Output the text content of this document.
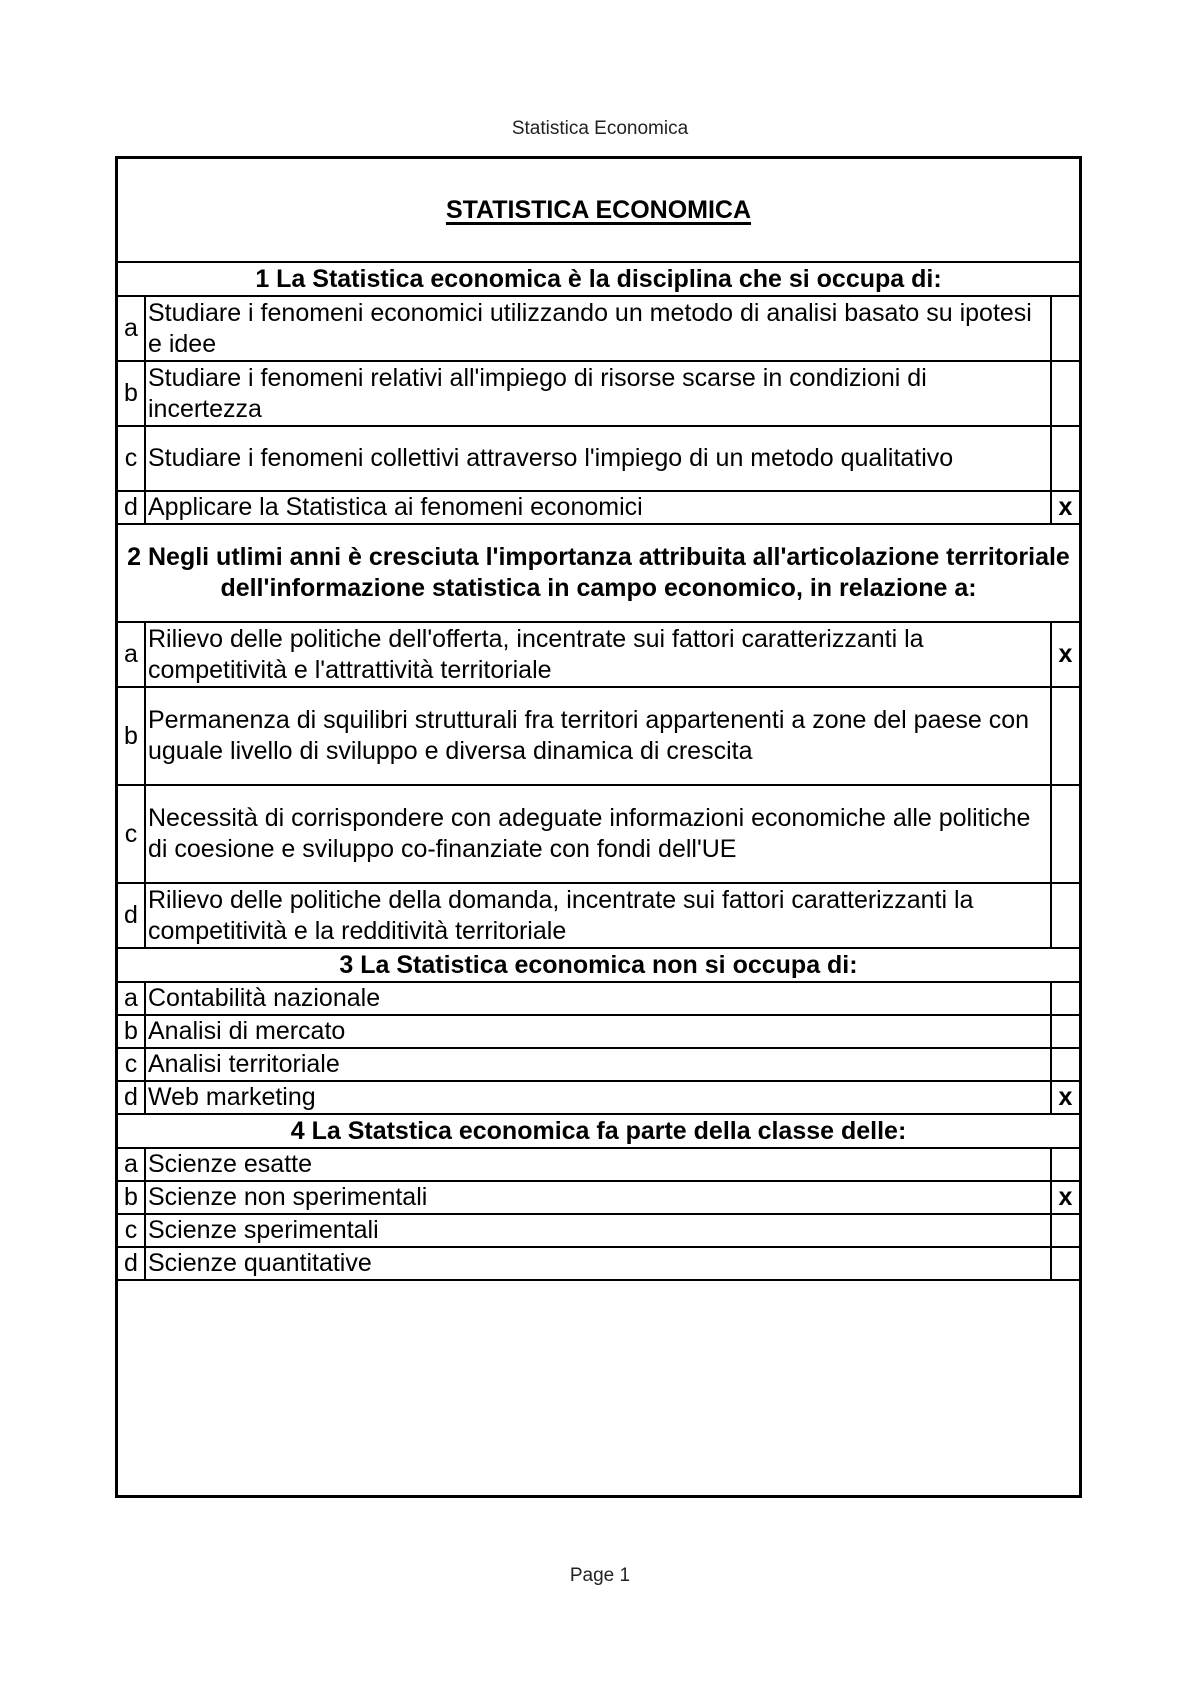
Statistica Economica
STATISTICA ECONOMICA		
1 La Statistica economica è la disciplina che si occupa di:		
a	Studiare i fenomeni economici utilizzando un metodo di analisi basato su ipotesi e idee	
b	Studiare i fenomeni relativi all'impiego di risorse scarse in condizioni di incertezza	
c	Studiare i fenomeni collettivi attraverso l'impiego di un metodo qualitativo	
d	Applicare la Statistica ai fenomeni economici	x
2 Negli utlimi anni è cresciuta l'importanza attribuita all'articolazione territoriale dell'informazione statistica in campo economico, in relazione a:		
a	Rilievo delle politiche dell'offerta, incentrate sui fattori caratterizzanti la competitività e l'attrattività territoriale	x
b	Permanenza di squilibri strutturali fra territori appartenenti a zone del paese con uguale livello di sviluppo e diversa dinamica di crescita	
c	Necessità di corrispondere con adeguate informazioni economiche alle politiche di coesione e sviluppo co-finanziate con fondi dell'UE	
d	Rilievo delle politiche della domanda, incentrate sui fattori caratterizzanti la competitività e la redditività territoriale	
3 La Statistica economica non si occupa di:		
a	Contabilità nazionale	
b	Analisi di mercato	
c	Analisi territoriale	
d	Web marketing	x
4 La Statstica economica fa parte della classe delle:		
a	Scienze esatte	
b	Scienze non sperimentali	x
c	Scienze sperimentali	
d	Scienze quantitative	
Page 1
